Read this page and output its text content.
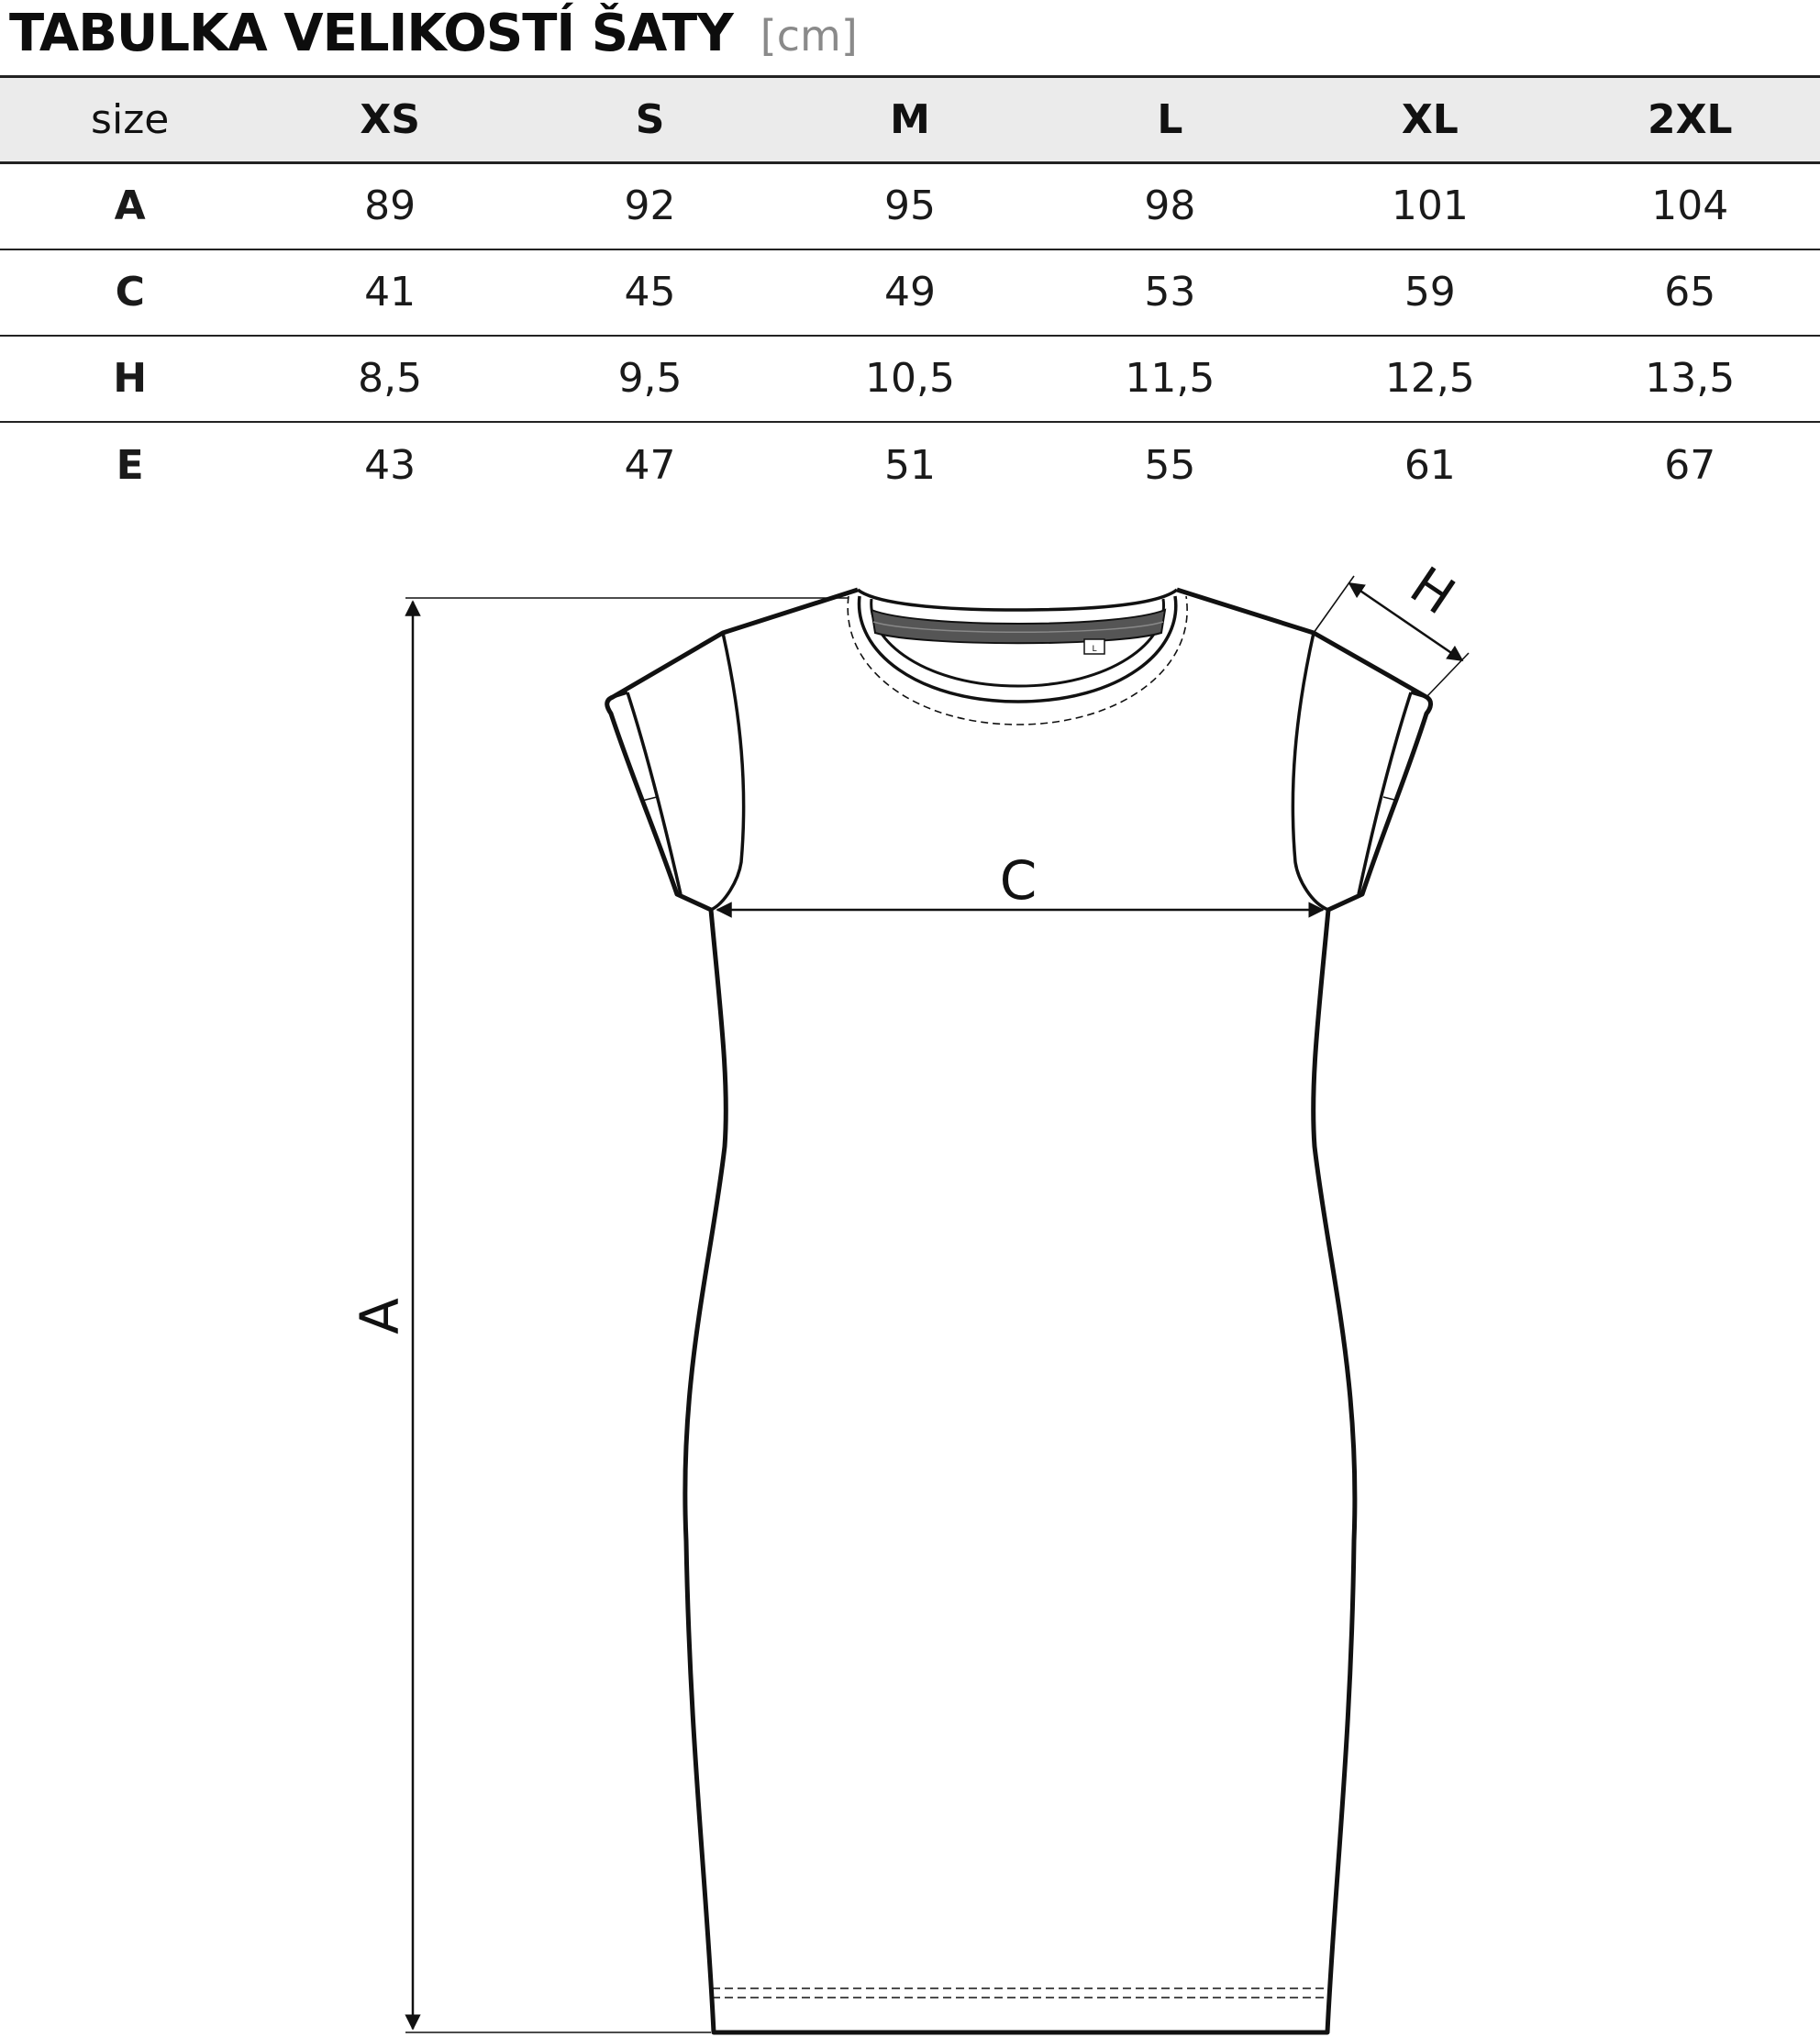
TABULKA VELIKOSTÍ ŠATY [cm]
size	XS	S	M	L	XL	2XL
A	89	92	95	98	101	104
C	41	45	49	53	59	65
H	8,5	9,5	10,5	11,5	12,5	13,5
E	43	47	51	55	61	67
L
A
C
H
